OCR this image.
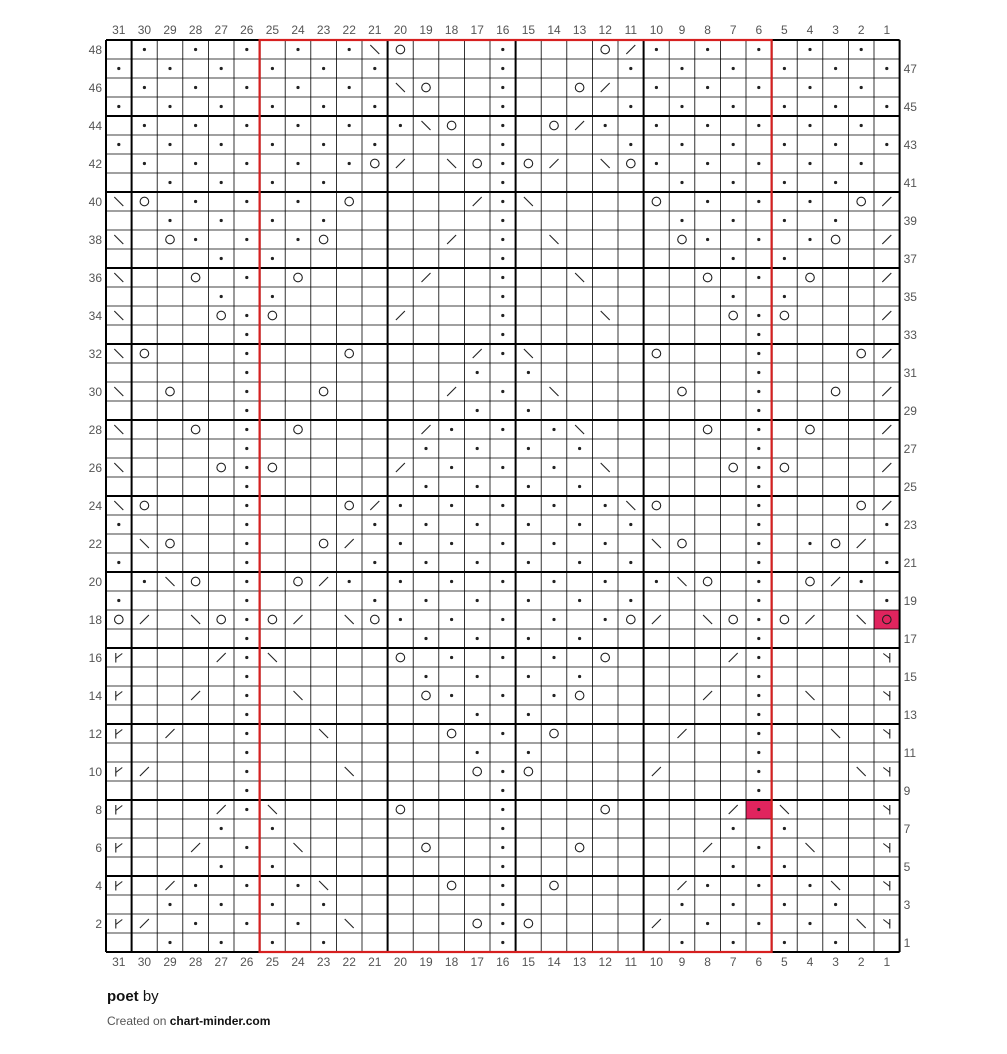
1
1
2
2
3
3
4
4
5
5
6
6
7
7
8
8
9
9
10
10
11
11
12
12
13
13
14
14
15
15
16
16
17
17
18
18
19
19
20
20
21
21
22
22
23
23
24
24
25
25
26
26
27
27
28
28
29
29
30
30
31
31
1
2
3
4
5
6
7
8
9
10
11
12
13
14
15
16
17
18
19
20
21
22
23
24
25
26
27
28
29
30
31
32
33
34
35
36
37
38
39
40
41
42
43
44
45
46
47
48
poet by
Created on chart-minder.com
